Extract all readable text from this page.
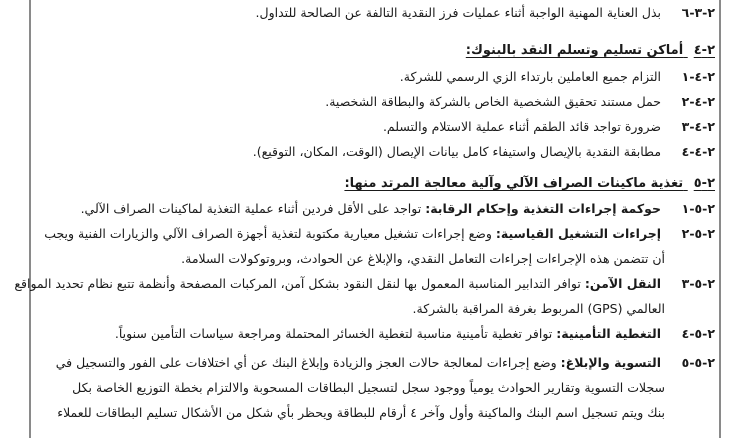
٢-٣-٦ بذل العناية المهنية الواجبة أثناء عمليات فرز النقدية التالفة عن الصالحة للتداول.
٢-٤ أماكن تسليم وتسلم النقد بالبنوك:
٢-٤-١ التزام جميع العاملين بارتداء الزي الرسمي للشركة.
٢-٤-٢ حمل مستند تحقيق الشخصية الخاص بالشركة والبطاقة الشخصية.
٢-٤-٣ ضرورة تواجد قائد الطقم أثناء عملية الاستلام والتسلم.
٢-٤-٤ مطابقة النقدية بالإيصال واستيفاء كامل بيانات الإيصال (الوقت، المكان، التوقيع).
٢-٥ تغذية ماكينات الصراف الآلي وآلية معالجة المرتد منها:
٢-٥-١ حوكمة إجراءات التغذية وإحكام الرقابة: تواجد على الأقل فردين أثناء عملية التغذية لماكينات الصراف الآلي.
٢-٥-٢ إجراءات التشغيل القياسية: وضع إجراءات تشغيل معيارية مكتوبة لتغذية أجهزة الصراف الآلي والزيارات الفنية ويجب
أن تتضمن هذه الإجراءات إجراءات التعامل النقدي، والإبلاغ عن الحوادث، وبروتوكولات السلامة.
٢-٥-٣ النقل الآمن: توافر التدابير المناسبة المعمول بها لنقل النقود بشكل آمن، المركبات المصفحة وأنظمة تتبع نظام تحديد المواقع
العالمي (GPS) المربوط بغرفة المراقبة بالشركة.
٢-٥-٤ التغطية التأمينية: توافر تغطية تأمينية مناسبة لتغطية الخسائر المحتملة ومراجعة سياسات التأمين سنوياً.
٢-٥-٥ التسوية والإبلاغ: وضع إجراءات لمعالجة حالات العجز والزيادة وإبلاغ البنك عن أي اختلافات على الفور والتسجيل في
سجلات التسوية وتقارير الحوادث يومياً ووجود سجل لتسجيل البطاقات المسحوبة والالتزام بخطة التوزيع الخاصة بكل
بنك ويتم تسجيل اسم البنك والماكينة وأول وآخر ٤ أرقام للبطاقة ويحظر بأي شكل من الأشكال تسليم البطاقات للعملاء
